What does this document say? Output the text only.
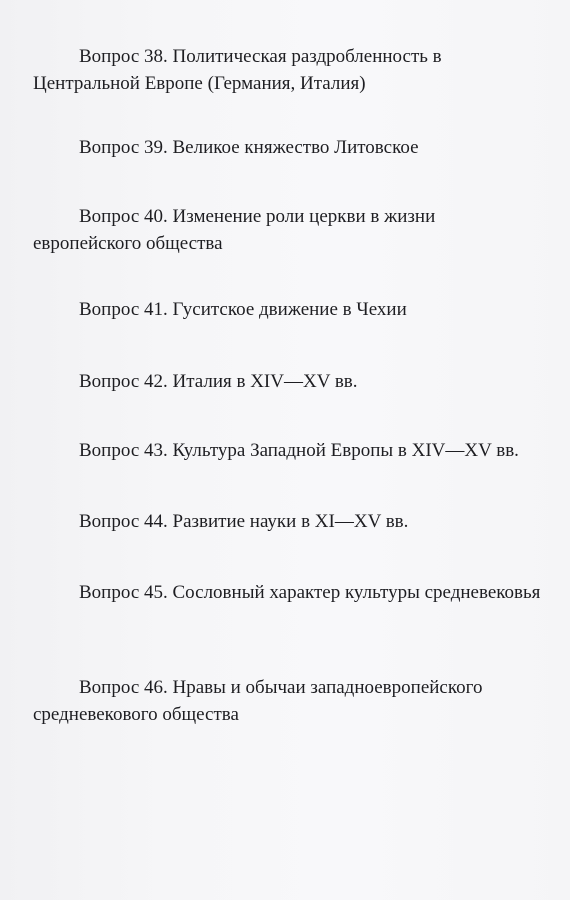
Вопрос 38. Политическая раздробленность в Центральной Европе (Германия, Италия)

Вопрос 39. Великое княжество Литовское

Вопрос 40. Изменение роли церкви в жизни европейского общества

Вопрос 41. Гуситское движение в Чехии

Вопрос 42. Италия в XIV—XV вв.

Вопрос 43. Культура Западной Европы в XIV—XV вв.

Вопрос 44. Развитие науки в XI—XV вв.

Вопрос 45. Сословный характер культуры средневековья

Вопрос 46. Нравы и обычаи западноевропейского средневекового общества
